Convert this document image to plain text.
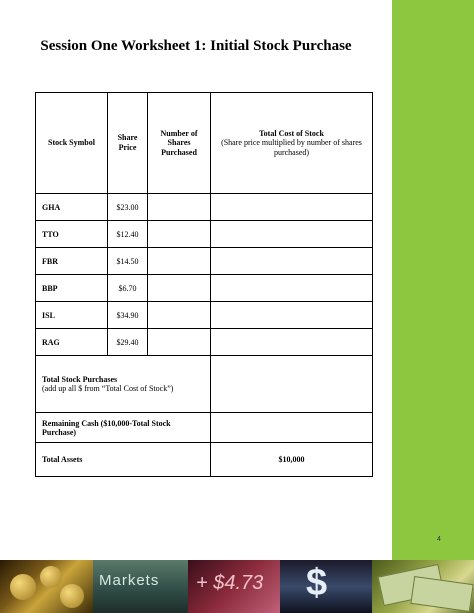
Session One Worksheet 1: Initial Stock Purchase
Stock Symbol	Share Price	Number of Shares Purchased	Total Cost of Stock
(Share price multiplied by number of shares purchased)

GHA	$23.00		
TTO	$12.40		
FBR	$14.50		
BBP	$6.70		
ISL	$34.90		
RAG	$29.40		

Total Stock Purchases
(add up all $ from “Total Cost of Stock”)			

Remaining Cash ($10,000-Total Stock Purchase)			
Total Assets			$10,000
4
Markets + $4.73 $
